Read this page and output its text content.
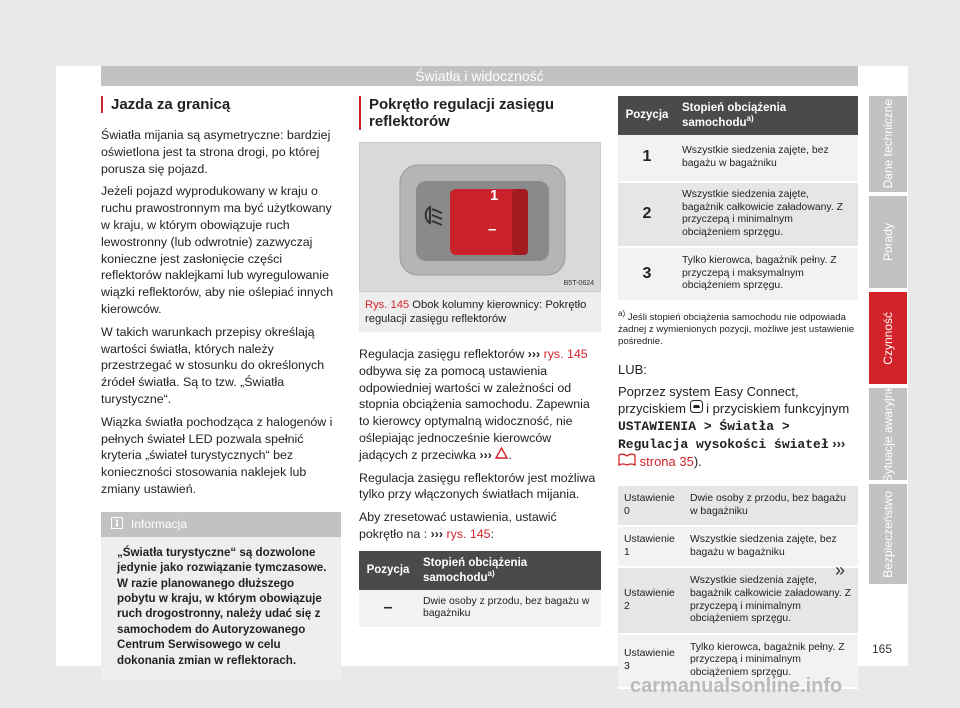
Światła i widoczność
Jazda za granicą

Światła mijania są asymetryczne: bardziej oświetlona jest ta strona drogi, po której porusza się pojazd.

Jeżeli pojazd wyprodukowany w kraju o ruchu prawostronnym ma być użytkowany w kraju, w którym obowiązuje ruch lewostronny (lub odwrotnie) zazwyczaj konieczne jest zasłonięcie części reflektorów naklejkami lub wyregulowanie wiązki reflektorów, aby nie oślepiać innych kierowców.

W takich warunkach przepisy określają wartości światła, których należy przestrzegać w stosunku do określonych źródeł światła. Są to tzw. „Światła turystyczne“.

Wiązka światła pochodząca z halogenów i pełnych świateł LED pozwala spełnić kryteria „świateł turystycznych“ bez konieczności stosowania naklejek lub zmiany ustawień.

Informacja
„Światła turystyczne“ są dozwolone jedynie jako rozwiązanie tymczasowe. W razie planowanego dłuższego pobytu w kraju, w którym obowiązuje ruch drogostronny, należy udać się z samochodem do Autoryzowanego Centrum Serwisowego w celu dokonania zmian w reflektorach.
Pokrętło regulacji zasięgu reflektorów
1
–
B5T-0624
Rys. 145 Obok kolumny kierownicy: Pokrętło regulacji zasięgu reflektorów

Regulacja zasięgu reflektorów ››› rys. 145 odbywa się za pomocą ustawienia odpowiedniej wartości w zależności od stopnia obciążenia samochodu. Zapewnia to kierowcy optymalną widoczność, nie oślepiając jednocześnie kierowców jadących z przeciwka ››› .

Regulacja zasięgu reflektorów jest możliwa tylko przy włączonych światłach mijania.

Aby zresetować ustawienia, ustawić pokrętło na : ››› rys. 145:

Pozycja	Stopień obciążenia samochodu$^{a)}$
–	Dwie osoby z przodu, bez bagażu w bagażniku
Pozycja	Stopień obciążenia samochodu$^{a)}$
1	Wszystkie siedzenia zajęte, bez bagażu w bagażniku
2	Wszystkie siedzenia zajęte, bagażnik całkowicie załadowany. Z przyczepą i minimalnym obciążeniem sprzęgu.
3	Tylko kierowca, bagażnik pełny. Z przyczepą i maksymalnym obciążeniem sprzęgu.
$^{a)}$ Jeśli stopień obciążenia samochodu nie odpowiada żadnej z wymienionych pozycji, możliwe jest ustawienie pośrednie.

LUB:

Poprzez system Easy Connect, przyciskiem i przyciskiem funkcyjnym USTAWIENIA > Światła > Regulacja wysokości świateł ›››  strona 35).

Ustawienie 0	Dwie osoby z przodu, bez bagażu w bagażniku
Ustawienie 1	Wszystkie siedzenia zajęte, bez bagażu w bagażniku
Ustawienie 2	Wszystkie siedzenia zajęte, bagażnik całkowicie załadowany. Z przyczepą i minimalnym obciążeniem sprzęgu.
Ustawienie 3	Tylko kierowca, bagażnik pełny. Z przyczepą i minimalnym obciążeniem sprzęgu.
»
Dane techniczne
Porady
Czynność
Sytuacje awaryjne
Bezpieczeństwo
165
carmanualsonline.info
